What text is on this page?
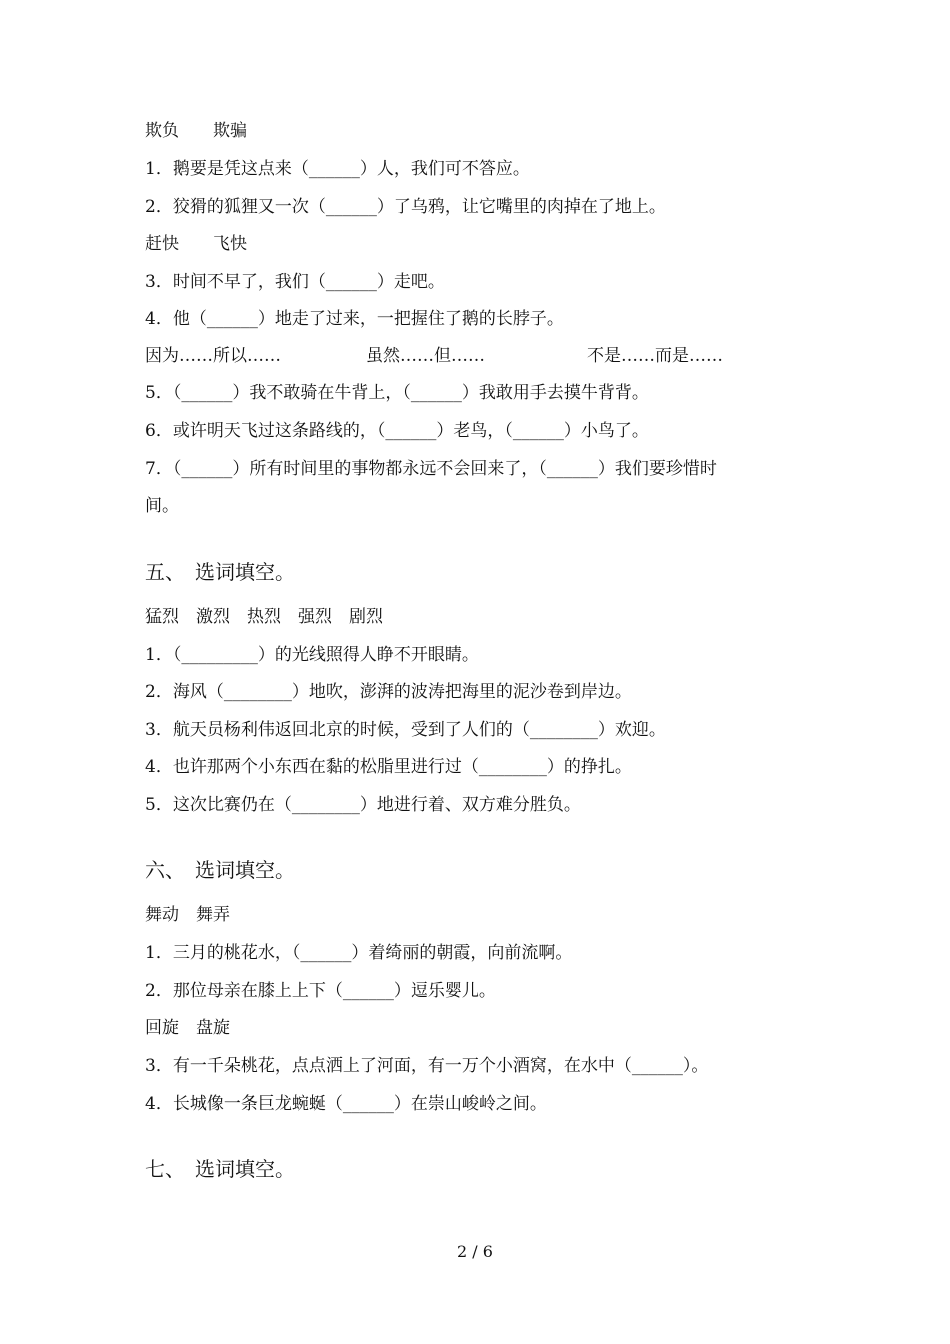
欺负　　欺骗
1．鹅要是凭这点来（______）人，我们可不答应。
2．狡猾的狐狸又一次（______）了乌鸦，让它嘴里的肉掉在了地上。
赶快　　飞快
3．时间不早了，我们（______）走吧。
4．他（______）地走了过来，一把握住了鹅的长脖子。
因为……所以……　　　　　虽然……但……　　　　　　不是……而是……
5．（______）我不敢骑在牛背上，（______）我敢用手去摸牛背背。
6．或许明天飞过这条路线的，（______）老鸟，（______）小鸟了。
7．（______）所有时间里的事物都永远不会回来了，（______）我们要珍惜时
间。
五、　选词填空。
猛烈　激烈　热烈　强烈　剧烈
1．（_________）的光线照得人睁不开眼睛。
2．海风（________）地吹，澎湃的波涛把海里的泥沙卷到岸边。
3．航天员杨利伟返回北京的时候，受到了人们的（________）欢迎。
4．也许那两个小东西在黏的松脂里进行过（________）的挣扎。
5．这次比赛仍在（________）地进行着、双方难分胜负。
六、　选词填空。
舞动　舞弄
1．三月的桃花水，（______）着绮丽的朝霞，向前流啊。
2．那位母亲在膝上上下（______）逗乐婴儿。
回旋　盘旋
3．有一千朵桃花，点点洒上了河面，有一万个小酒窝，在水中（______）。
4．长城像一条巨龙蜿蜒（______）在崇山峻岭之间。
七、　选词填空。
2 / 6
